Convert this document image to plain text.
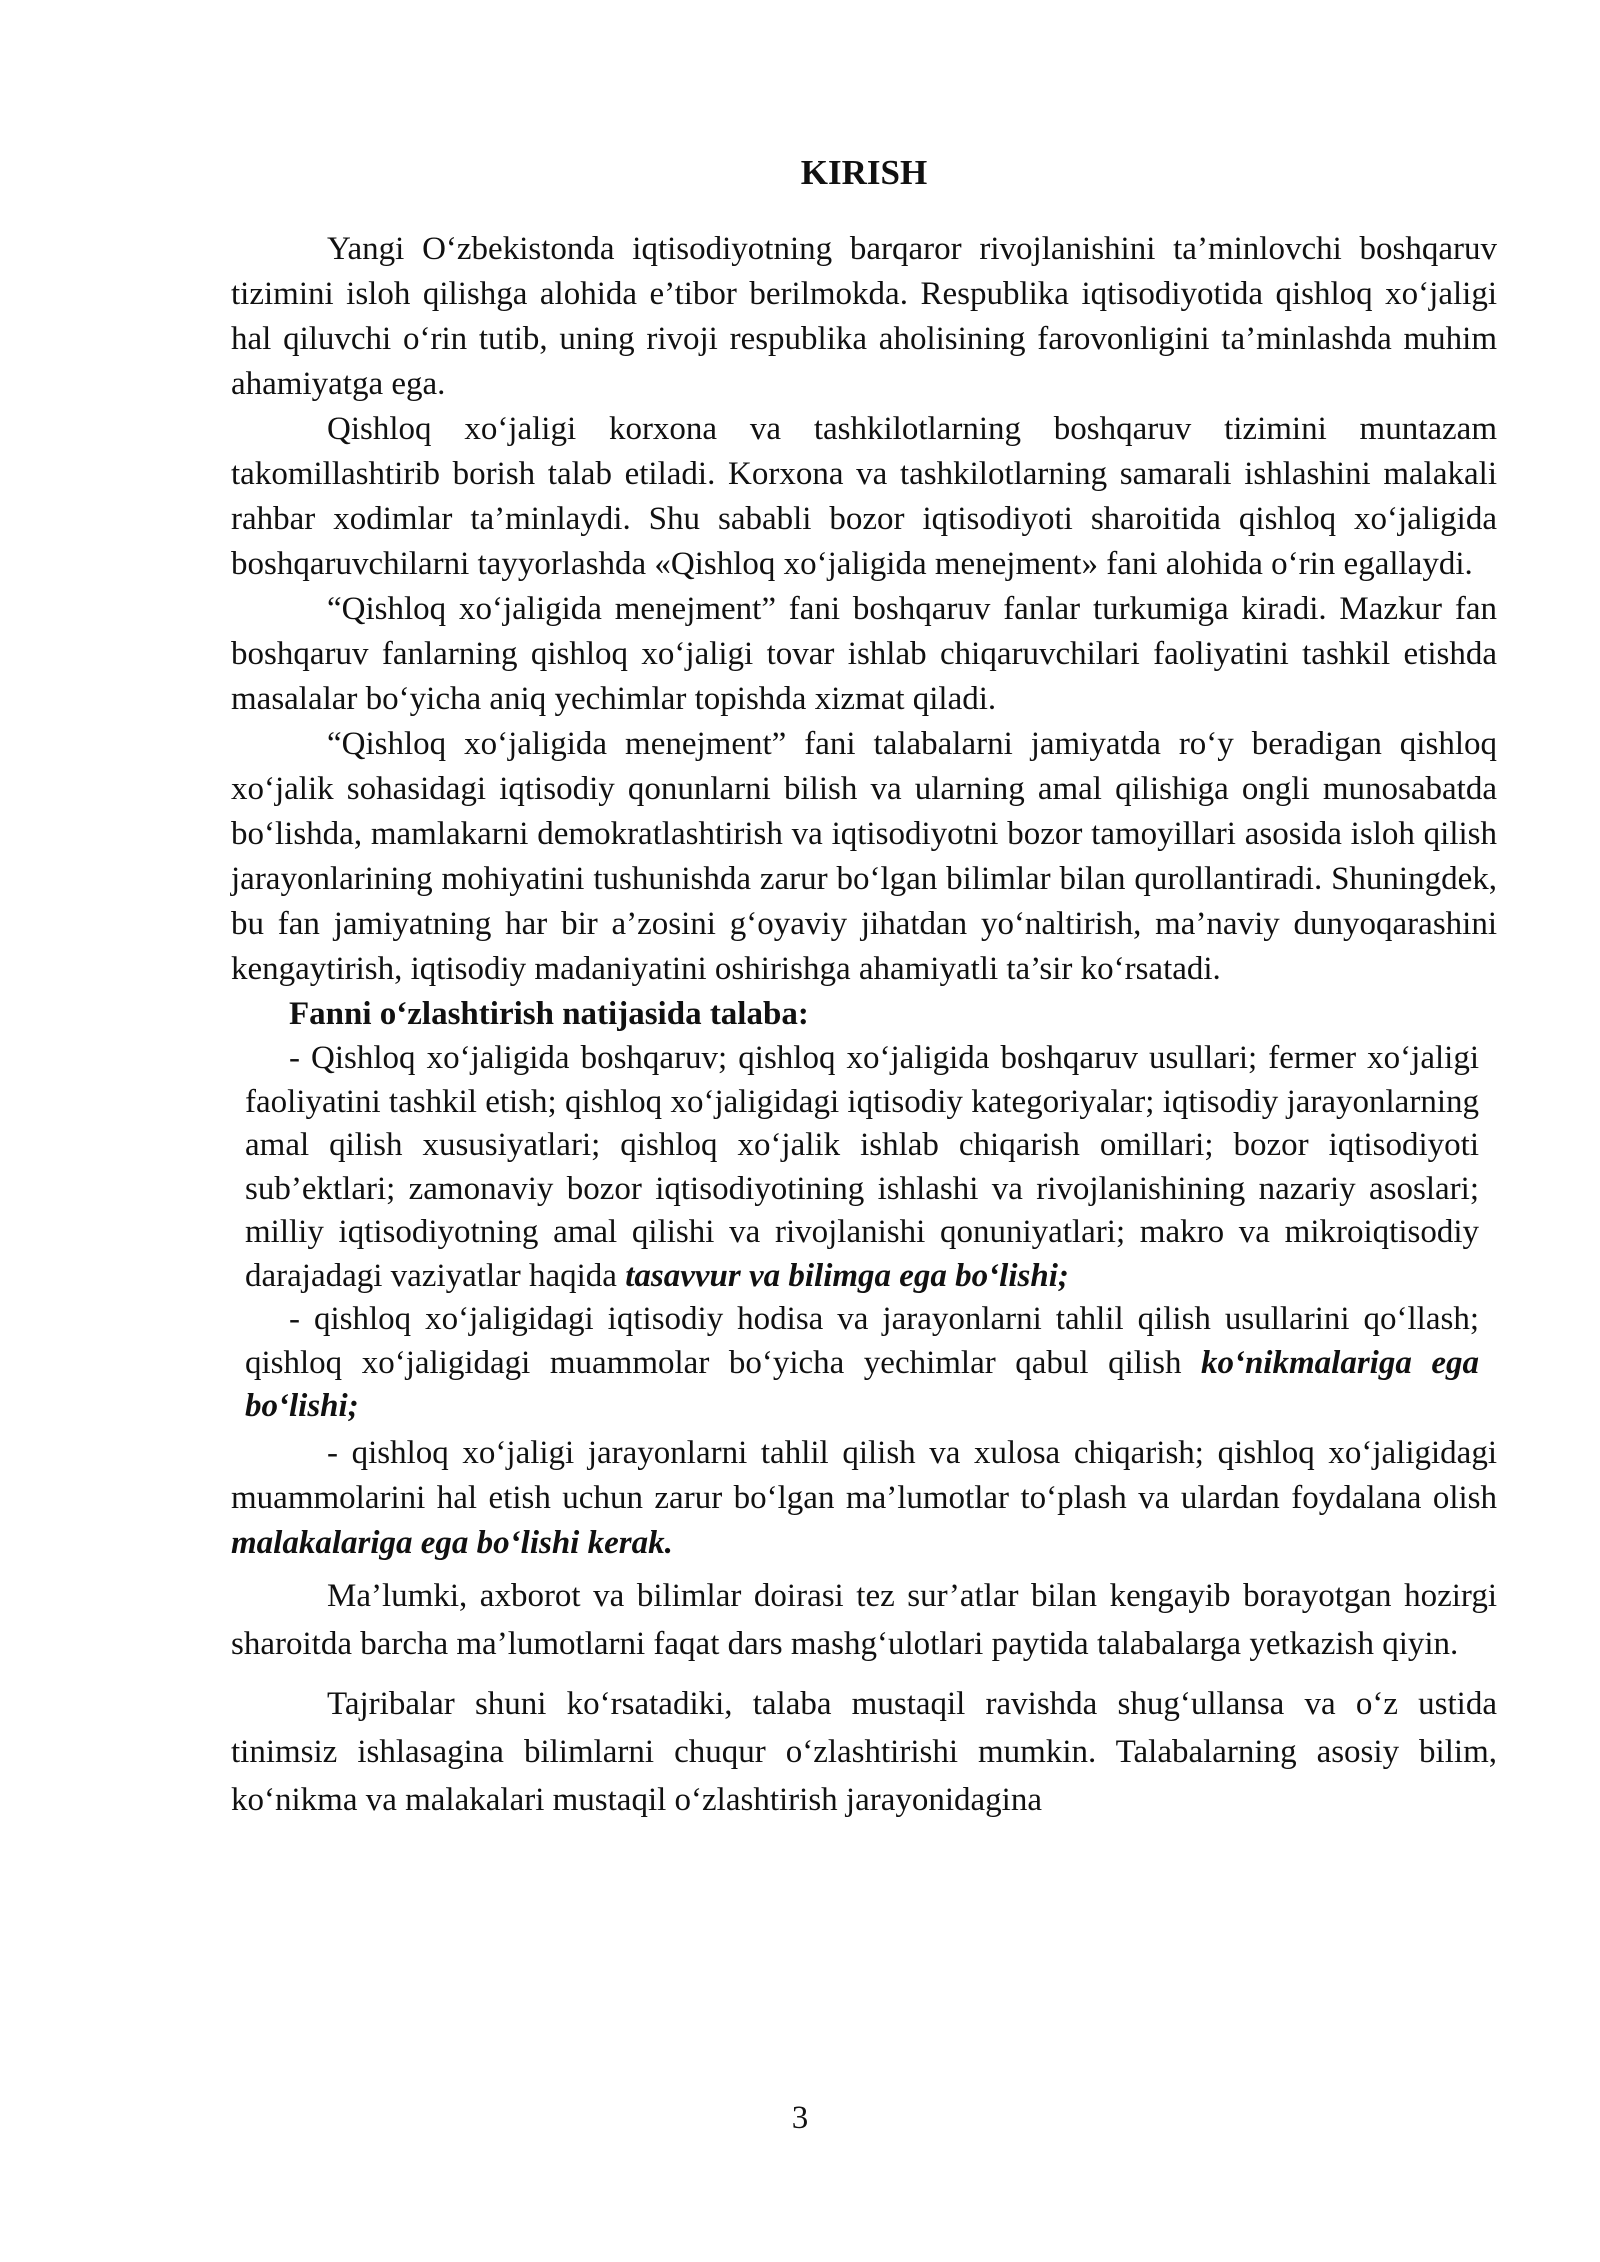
KIRISH

Yangi O‘zbekistonda iqtisodiyotning barqaror rivojlanishini ta’minlovchi boshqaruv tizimini isloh qilishga alohida e’tibor berilmokda. Respublika iqtisodiyotida qishloq xo‘jaligi hal qiluvchi o‘rin tutib, uning rivoji respublika aholisining farovonligini ta’minlashda muhim ahamiyatga ega.

Qishloq xo‘jaligi korxona va tashkilotlarning boshqaruv tizimini muntazam takomillashtirib borish talab etiladi. Korxona va tashkilotlarning samarali ishlashini malakali rahbar xodimlar ta’minlaydi. Shu sababli bozor iqtisodiyoti sharoitida qishloq xo‘jaligida boshqaruvchilarni tayyorlashda «Qishloq xo‘jaligida menejment» fani alohida o‘rin egallaydi.

“Qishloq xo‘jaligida menejment” fani boshqaruv fanlar turkumiga kiradi. Mazkur fan boshqaruv fanlarning qishloq xo‘jaligi tovar ishlab chiqaruvchilari faoliyatini tashkil etishda masalalar bo‘yicha aniq yechimlar topishda xizmat qiladi.

“Qishloq xo‘jaligida menejment” fani talabalarni jamiyatda ro‘y beradigan qishloq xo‘jalik sohasidagi iqtisodiy qonunlarni bilish va ularning amal qilishiga ongli munosabatda bo‘lishda, mamlakarni demokratlashtirish va iqtisodiyotni bozor tamoyillari asosida isloh qilish jarayonlarining mohiyatini tushunishda zarur bo‘lgan bilimlar bilan qurollantiradi. Shuningdek, bu fan jamiyatning har bir a’zosini g‘oyaviy jihatdan yo‘naltirish, ma’naviy dunyoqarashini kengaytirish, iqtisodiy madaniyatini oshirishga ahamiyatli ta’sir ko‘rsatadi.

Fanni o‘zlashtirish natijasida talaba:

- Qishloq xo‘jaligida boshqaruv; qishloq xo‘jaligida boshqaruv usullari; fermer xo‘jaligi faoliyatini tashkil etish; qishloq xo‘jaligidagi iqtisodiy kategoriyalar; iqtisodiy jarayonlarning amal qilish xususiyatlari; qishloq xo‘jalik ishlab chiqarish omillari; bozor iqtisodiyoti sub’ektlari; zamonaviy bozor iqtisodiyotining ishlashi va rivojlanishining nazariy asoslari; milliy iqtisodiyotning amal qilishi va rivojlanishi qonuniyatlari; makro va mikroiqtisodiy darajadagi vaziyatlar haqida tasavvur va bilimga ega bo‘lishi;

- qishloq xo‘jaligidagi iqtisodiy hodisa va jarayonlarni tahlil qilish usullarini qo‘llash; qishloq xo‘jaligidagi muammolar bo‘yicha yechimlar qabul qilish ko‘nikmalariga ega bo‘lishi;

- qishloq xo‘jaligi jarayonlarni tahlil qilish va xulosa chiqarish; qishloq xo‘jaligidagi muammolarini hal etish uchun zarur bo‘lgan ma’lumotlar to‘plash va ulardan foydalana olish malakalariga ega bo‘lishi kerak.

Ma’lumki, axborot va bilimlar doirasi tez sur’atlar bilan kengayib borayotgan hozirgi sharoitda barcha ma’lumotlarni faqat dars mashg‘ulotlari paytida talabalarga yetkazish qiyin.

Tajribalar shuni ko‘rsatadiki, talaba mustaqil ravishda shug‘ullansa va o‘z ustida tinimsiz ishlasagina bilimlarni chuqur o‘zlashtirishi mumkin. Talabalarning asosiy bilim, ko‘nikma va malakalari mustaqil o‘zlashtirish jarayonidagina

3
